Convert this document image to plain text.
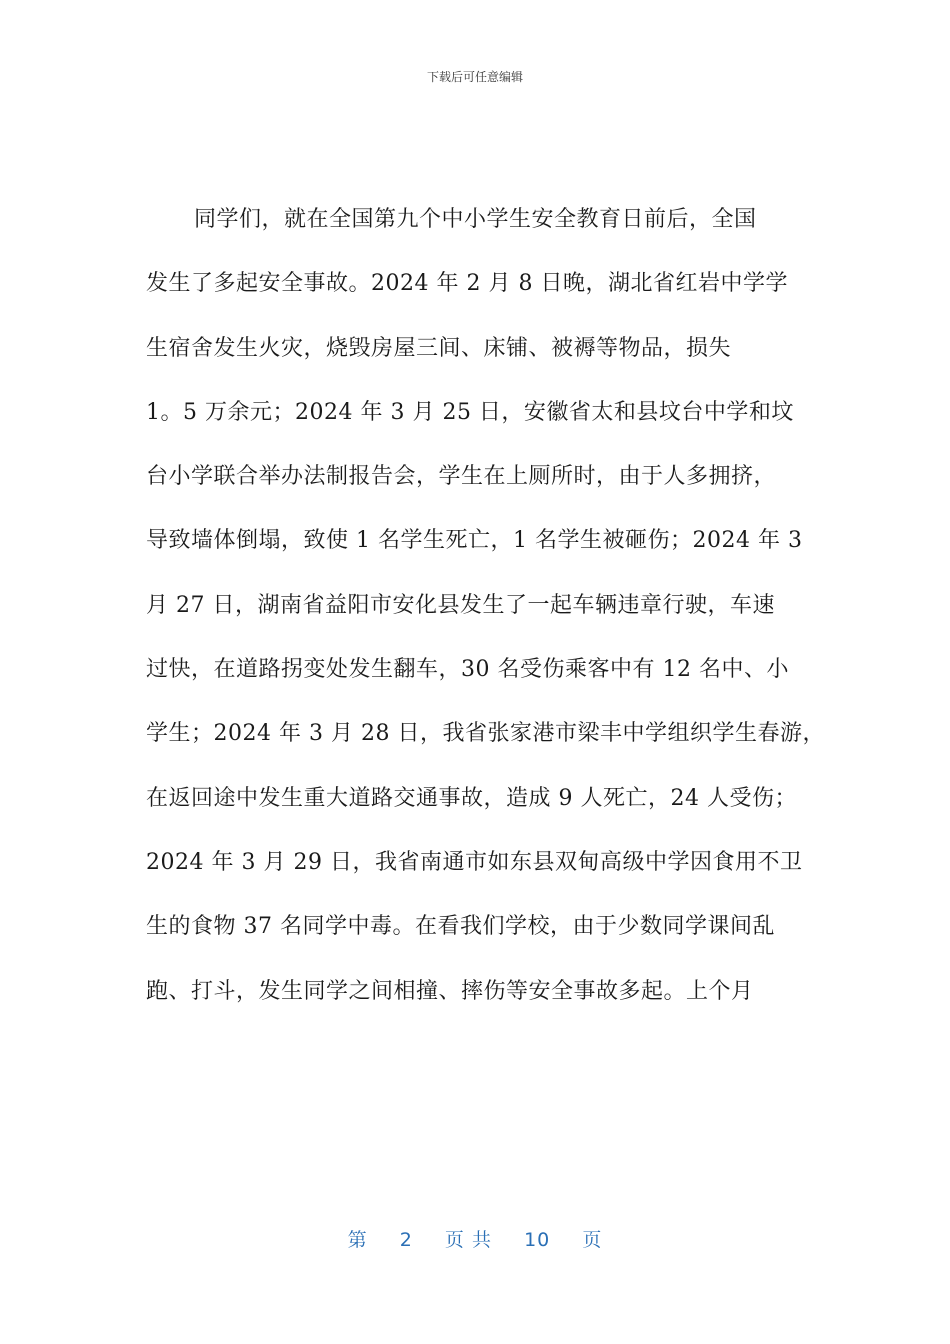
下载后可任意编辑
同学们，就在全国第九个中小学生安全教育日前后，全国
发生了多起安全事故。2024 年 2 月 8 日晚，湖北省红岩中学学
生宿舍发生火灾，烧毁房屋三间、床铺、被褥等物品，损失
1。5 万余元；2024 年 3 月 25 日，安徽省太和县坟台中学和坟
台小学联合举办法制报告会，学生在上厕所时，由于人多拥挤，
导致墙体倒塌，致使 1 名学生死亡，1 名学生被砸伤；2024 年 3
月 27 日，湖南省益阳市安化县发生了一起车辆违章行驶，车速
过快，在道路拐变处发生翻车，30 名受伤乘客中有 12 名中、小
学生；2024 年 3 月 28 日，我省张家港市梁丰中学组织学生春游，
在返回途中发生重大道路交通事故，造成 9 人死亡，24 人受伤；
2024 年 3 月 29 日，我省南通市如东县双甸高级中学因食用不卫
生的食物 37 名同学中毒。在看我们学校，由于少数同学课间乱
跑、打斗，发生同学之间相撞、摔伤等安全事故多起。上个月
第 2 页 共 10 页
